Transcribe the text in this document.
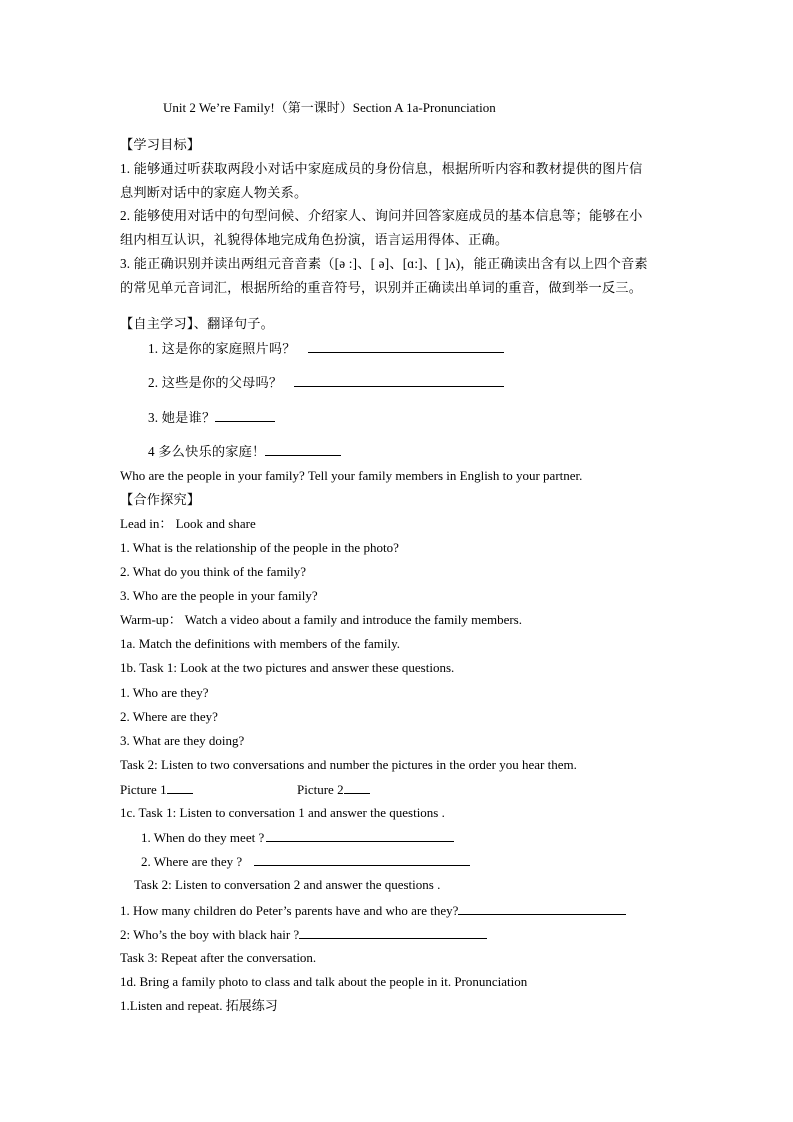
Unit 2 We’re Family!（第一课时）Section A 1a-Pronunciation
【学习目标】
1. 能够通过听获取两段小对话中家庭成员的身份信息，根据所听内容和教材提供的图片信
息判断对话中的家庭人物关系。
2. 能够使用对话中的句型问候、介绍家人、询问并回答家庭成员的基本信息等；能够在小
组内相互认识，礼貌得体地完成角色扮演，语言运用得体、正确。
3. 能正确识别并读出两组元音音素（[ə :]、[ ə]、[ɑ:]、[ ]ʌ)，能正确读出含有以上四个音素
的常见单元音词汇，根据所给的重音符号，识别并正确读出单词的重音，做到举一反三。
【自主学习】、翻译句子。
1. 这是你的家庭照片吗？
2. 这些是你的父母吗？
3. 她是谁？
4 多么快乐的家庭！
Who are the people in your family? Tell your family members in English to your partner.
【合作探究】
Lead in： Look and share
1. What is the relationship of the people in the photo?
2. What do you think of the family?
3. Who are the people in your family?
Warm-up： Watch a video about a family and introduce the family members.
1a. Match the definitions with members of the family.
1b. Task 1: Look at the two pictures and answer these questions.
1. Who are they?
2. Where are they?
3. What are they doing?
Task 2: Listen to two conversations and number the pictures in the order you hear them.
Picture 1	Picture 2
1c. Task 1: Listen to conversation 1 and answer the questions .
1. When do they meet ?
2. Where are they ?
Task 2: Listen to conversation 2 and answer the questions .
1. How many children do Peter’s parents have and who are they?
2: Who’s the boy with black hair ?
Task 3: Repeat after the conversation.
1d. Bring a family photo to class and talk about the people in it. Pronunciation
1.Listen and repeat. 拓展练习
